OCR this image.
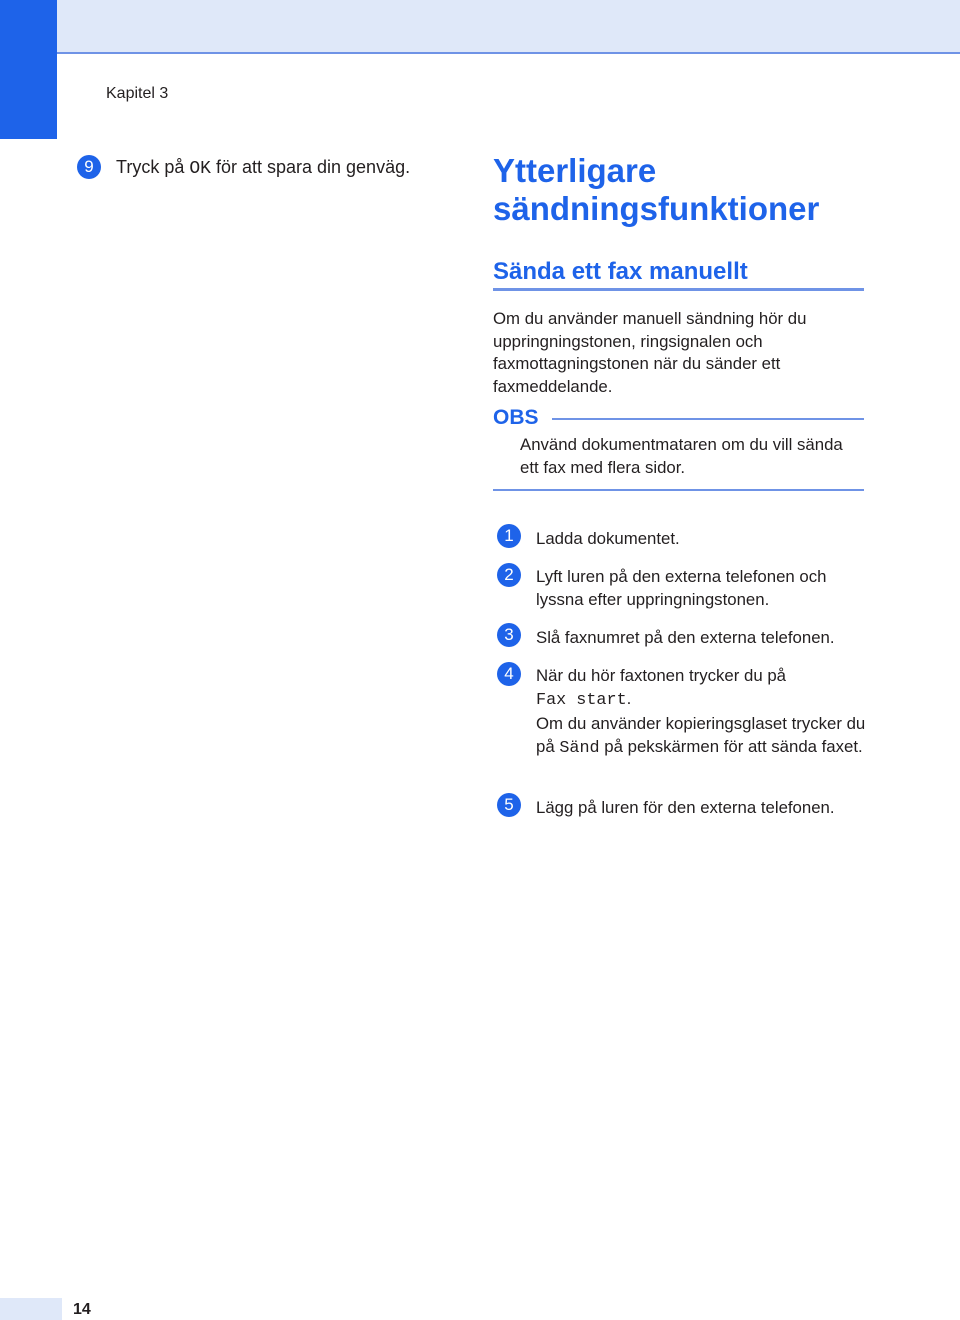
Kapitel 3
9	Tryck på OK för att spara din genväg.	Ytterligare sändningsfunktioner
Sända ett fax manuellt
Om du använder manuell sändning hör du uppringningstonen, ringsignalen och faxmottagningstonen när du sänder ett faxmeddelande.
OBS
Använd dokumentmataren om du vill sända ett fax med flera sidor.
1	Ladda dokumentet.
2	Lyft luren på den externa telefonen och lyssna efter uppringningstonen.
3	Slå faxnumret på den externa telefonen.
4	När du hör faxtonen trycker du på
Fax start.
Om du använder kopieringsglaset trycker du på Sänd på pekskärmen för att sända faxet.
5	Lägg på luren för den externa telefonen.
14
